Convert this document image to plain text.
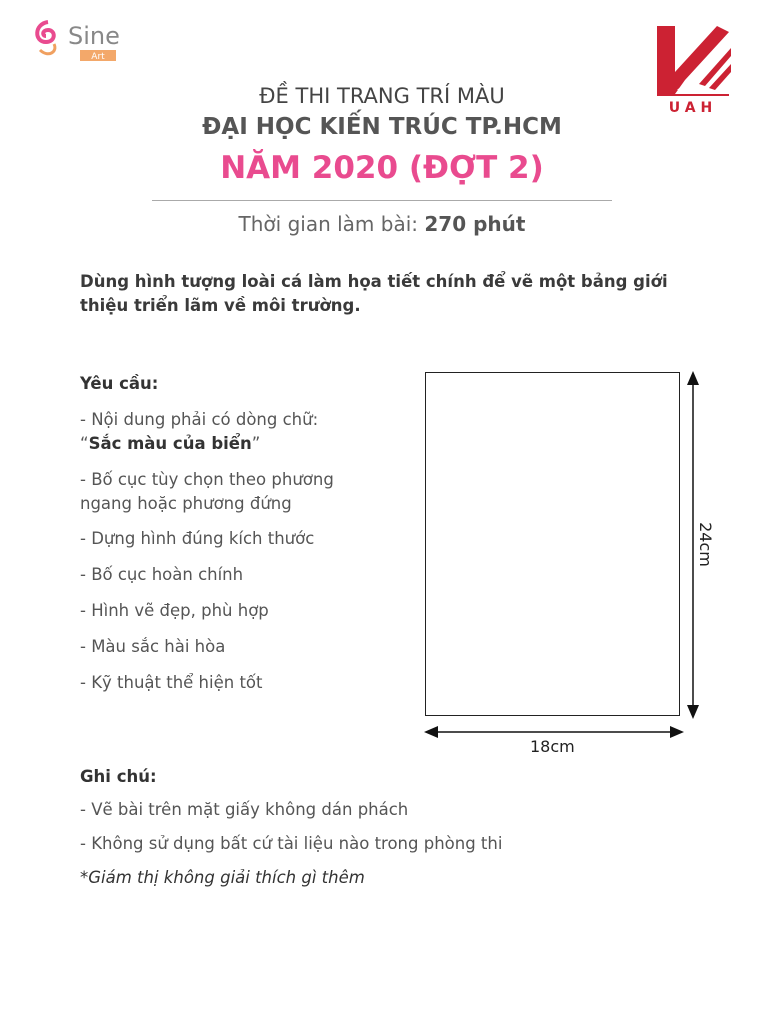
Sine
Art
UAH
ĐỀ THI TRANG TRÍ MÀU
ĐẠI HỌC KIẾN TRÚC TP.HCM
NĂM 2020 (ĐỢT 2)
Thời gian làm bài: 270 phút
Dùng hình tượng loài cá làm họa tiết chính để vẽ một bảng giới thiệu triển lãm về môi trường.
Yêu cầu:
- Nội dung phải có dòng chữ:
“Sắc màu của biển”
- Bố cục tùy chọn theo phương ngang hoặc phương đứng
- Dựng hình đúng kích thước
- Bố cục hoàn chính
- Hình vẽ đẹp, phù hợp
- Màu sắc hài hòa
- Kỹ thuật thể hiện tốt
18cm
24cm
Ghi chú:
- Vẽ bài trên mặt giấy không dán phách
- Không sử dụng bất cứ tài liệu nào trong phòng thi
*Giám thị không giải thích gì thêm
